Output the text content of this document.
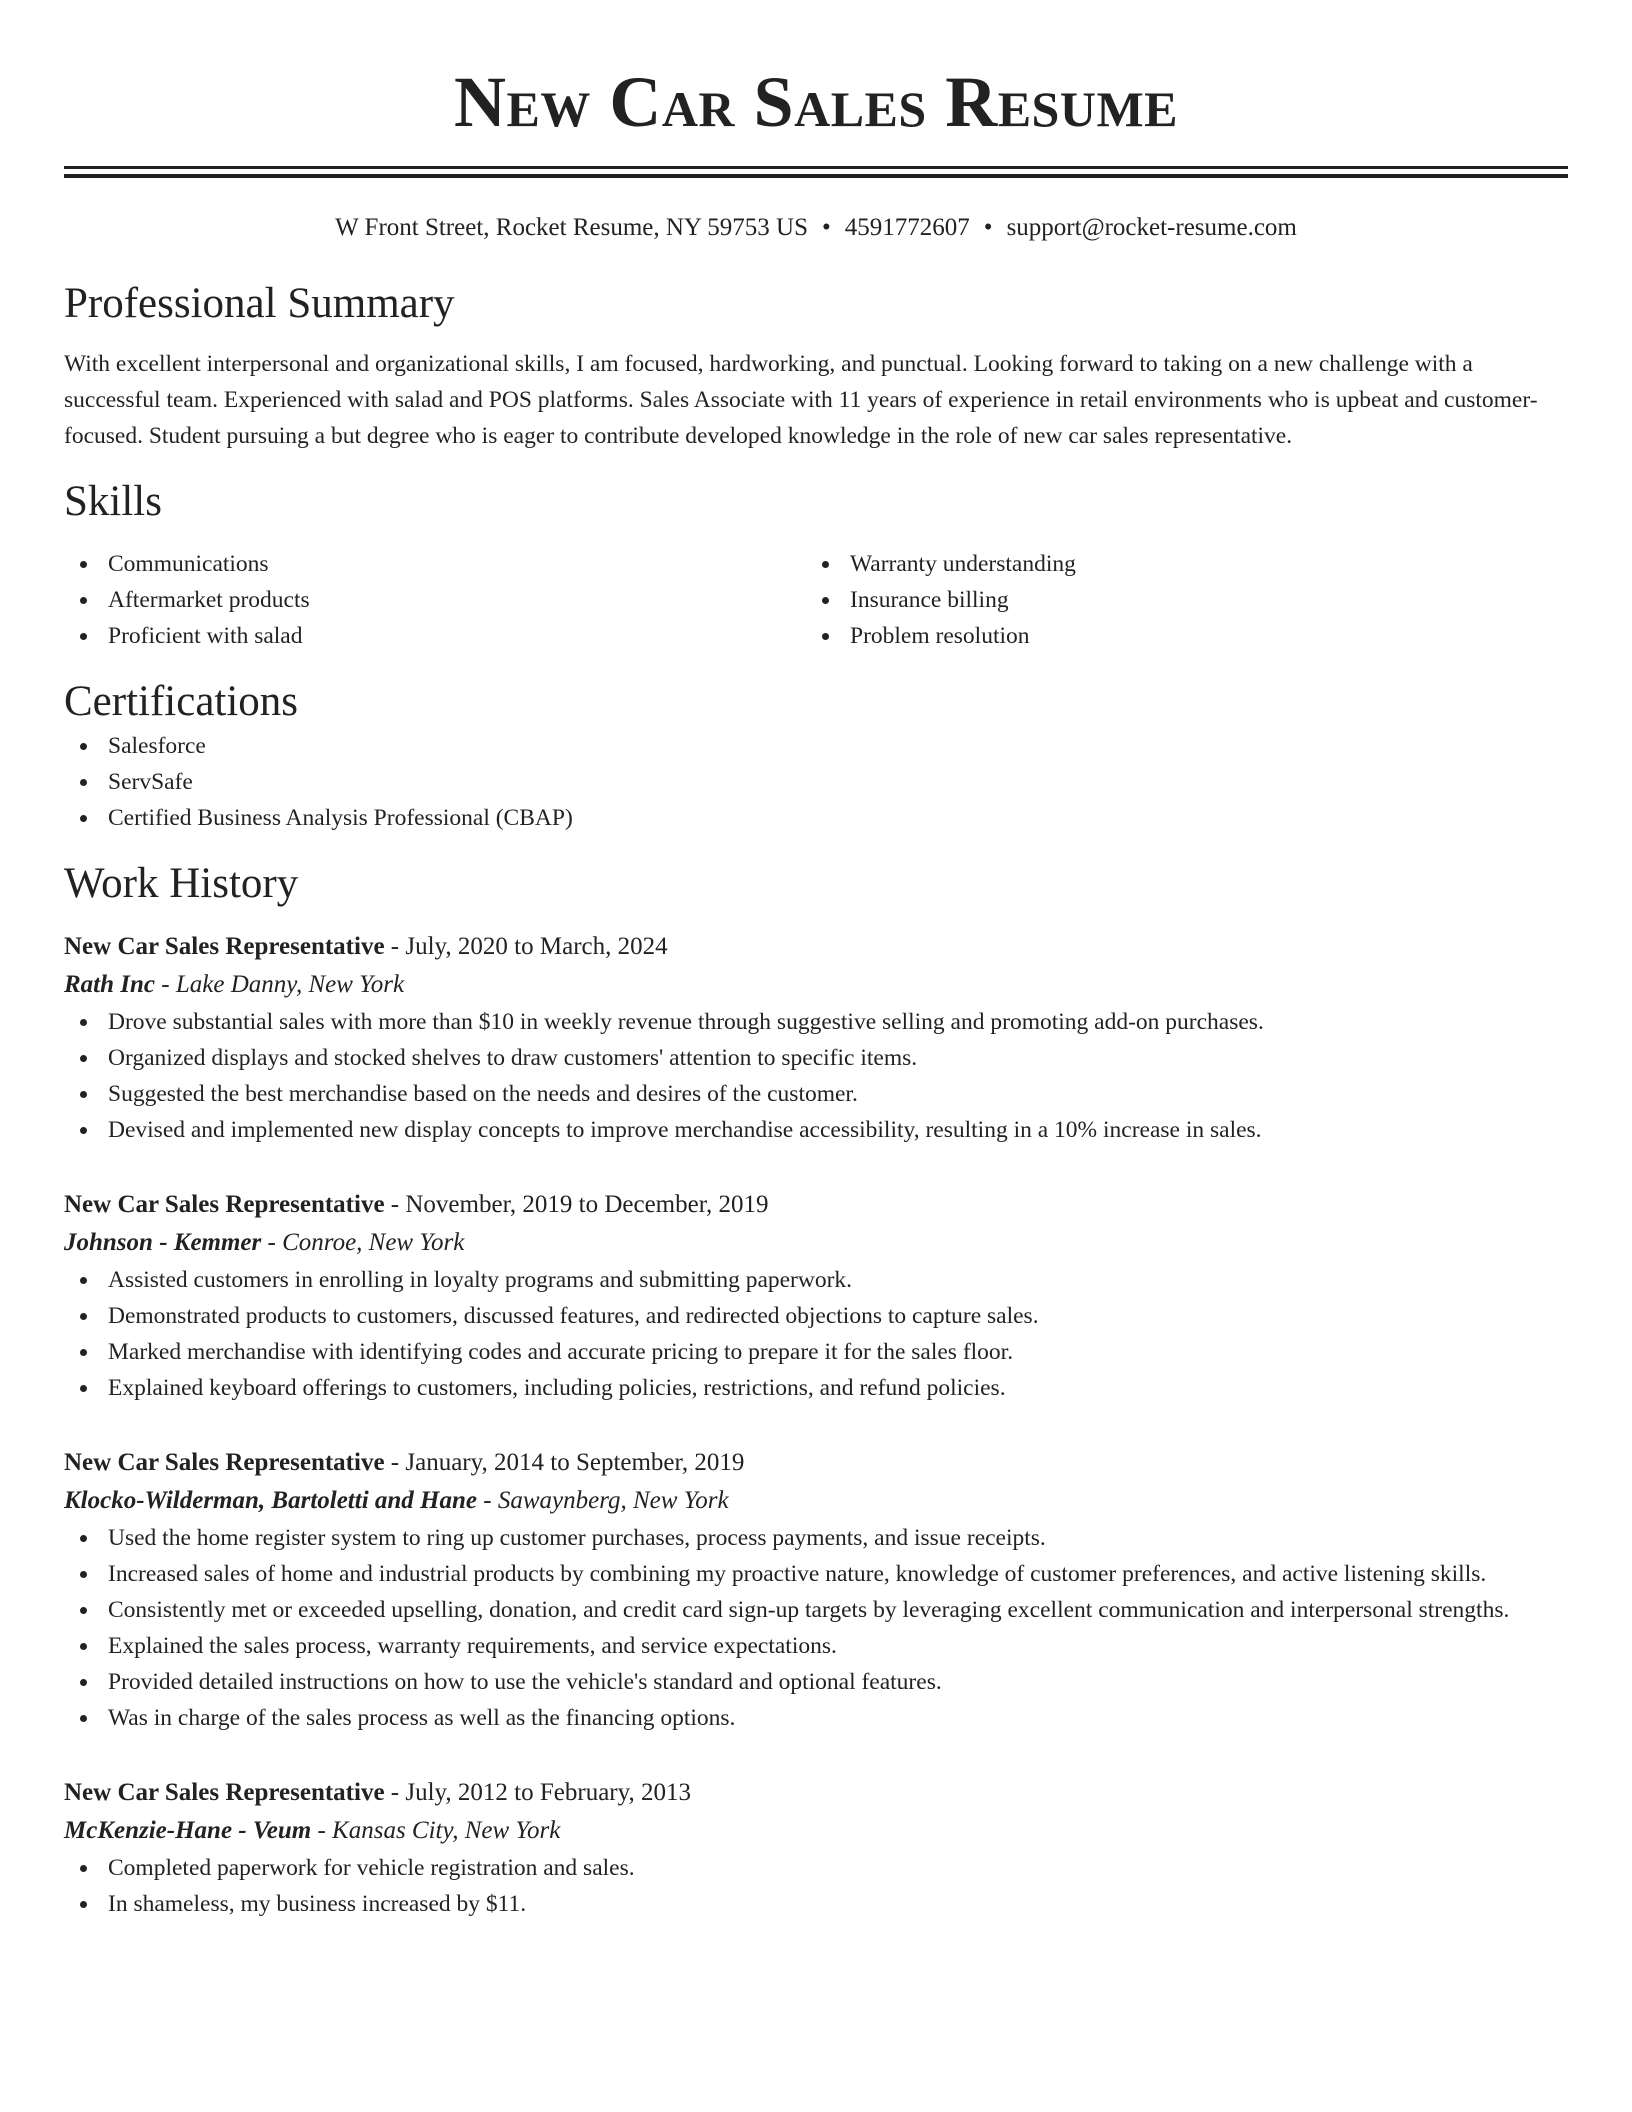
New Car Sales Resume
W Front Street, Rocket Resume, NY 59753 US • 4591772607 • support@rocket-resume.com
Professional Summary
With excellent interpersonal and organizational skills, I am focused, hardworking, and punctual. Looking forward to taking on a new challenge with a successful team. Experienced with salad and POS platforms. Sales Associate with 11 years of experience in retail environments who is upbeat and customer-focused. Student pursuing a but degree who is eager to contribute developed knowledge in the role of new car sales representative.
Skills
Communications
Aftermarket products
Proficient with salad
Warranty understanding
Insurance billing
Problem resolution
Certifications
Salesforce
ServSafe
Certified Business Analysis Professional (CBAP)
Work History
New Car Sales Representative - July, 2020 to March, 2024
Rath Inc - Lake Danny, New York
Drove substantial sales with more than $10 in weekly revenue through suggestive selling and promoting add-on purchases.
Organized displays and stocked shelves to draw customers' attention to specific items.
Suggested the best merchandise based on the needs and desires of the customer.
Devised and implemented new display concepts to improve merchandise accessibility, resulting in a 10% increase in sales.
New Car Sales Representative - November, 2019 to December, 2019
Johnson - Kemmer - Conroe, New York
Assisted customers in enrolling in loyalty programs and submitting paperwork.
Demonstrated products to customers, discussed features, and redirected objections to capture sales.
Marked merchandise with identifying codes and accurate pricing to prepare it for the sales floor.
Explained keyboard offerings to customers, including policies, restrictions, and refund policies.
New Car Sales Representative - January, 2014 to September, 2019
Klocko-Wilderman, Bartoletti and Hane - Sawaynberg, New York
Used the home register system to ring up customer purchases, process payments, and issue receipts.
Increased sales of home and industrial products by combining my proactive nature, knowledge of customer preferences, and active listening skills.
Consistently met or exceeded upselling, donation, and credit card sign-up targets by leveraging excellent communication and interpersonal strengths.
Explained the sales process, warranty requirements, and service expectations.
Provided detailed instructions on how to use the vehicle's standard and optional features.
Was in charge of the sales process as well as the financing options.
New Car Sales Representative - July, 2012 to February, 2013
McKenzie-Hane - Veum - Kansas City, New York
Completed paperwork for vehicle registration and sales.
In shameless, my business increased by $11.
